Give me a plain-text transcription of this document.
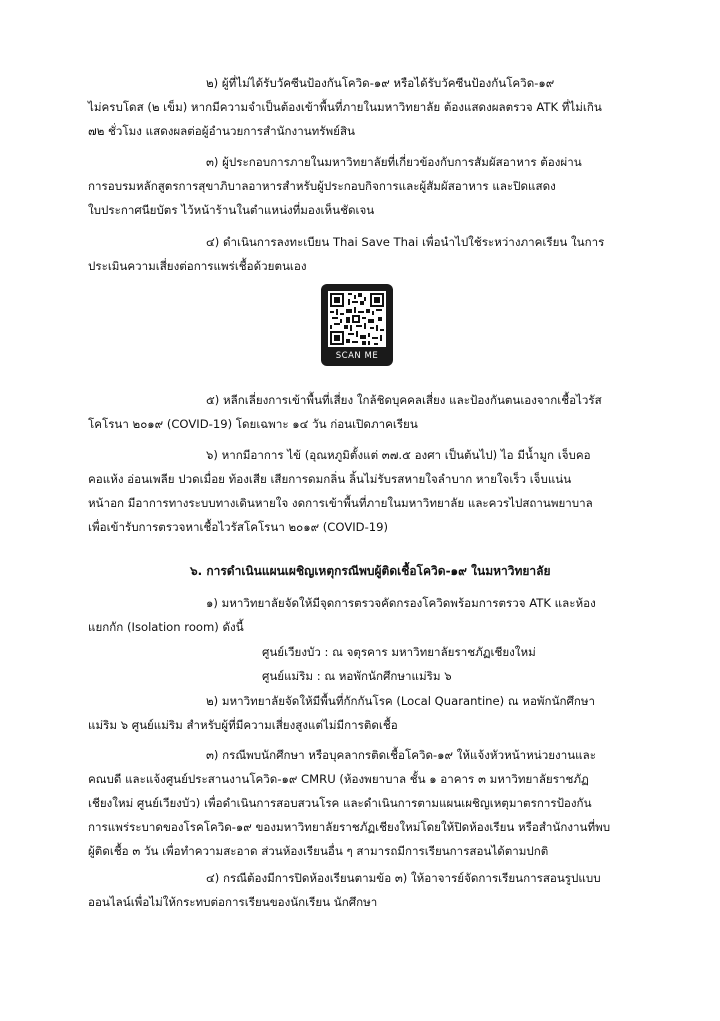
๒) ผู้ที่ไม่ได้รับวัคซีนป้องกันโควิด-๑๙ หรือได้รับวัคซีนป้องกันโควิด-๑๙
ไม่ครบโดส (๒ เข็ม) หากมีความจำเป็นต้องเข้าพื้นที่ภายในมหาวิทยาลัย ต้องแสดงผลตรวจ ATK ที่ไม่เกิน
๗๒ ชั่วโมง แสดงผลต่อผู้อำนวยการสำนักงานทรัพย์สิน
๓) ผู้ประกอบการภายในมหาวิทยาลัยที่เกี่ยวข้องกับการสัมผัสอาหาร ต้องผ่าน
SCAN ME
การอบรมหลักสูตรการสุขาภิบาลอาหารสำหรับผู้ประกอบกิจการและผู้สัมผัสอาหาร และปิดแสดง
ใบประกาศนียบัตร ไว้หน้าร้านในตำแหน่งที่มองเห็นชัดเจน
๔) ดำเนินการลงทะเบียน Thai Save Thai เพื่อนำไปใช้ระหว่างภาคเรียน ในการ
ประเมินความเสี่ยงต่อการแพร่เชื้อด้วยตนเอง
๕) หลีกเลี่ยงการเข้าพื้นที่เสี่ยง ใกล้ชิดบุคคลเสี่ยง และป้องกันตนเองจากเชื้อไวรัส
โคโรนา ๒๐๑๙ (COVID-19) โดยเฉพาะ ๑๔ วัน ก่อนเปิดภาคเรียน
๖) หากมีอาการ ไข้ (อุณหภูมิตั้งแต่ ๓๗.๕ องศา เป็นต้นไป) ไอ มีน้ำมูก เจ็บคอ
คอแห้ง อ่อนเพลีย ปวดเมื่อย ท้องเสีย เสียการดมกลิ่น ลิ้นไม่รับรสหายใจลำบาก หายใจเร็ว เจ็บแน่น
หน้าอก มีอาการทางระบบทางเดินหายใจ งดการเข้าพื้นที่ภายในมหาวิทยาลัย และควรไปสถานพยาบาล
เพื่อเข้ารับการตรวจหาเชื้อไวรัสโคโรนา ๒๐๑๙ (COVID-19)
๖. การดำเนินแผนเผชิญเหตุกรณีพบผู้ติดเชื้อโควิด-๑๙ ในมหาวิทยาลัย
๑) มหาวิทยาลัยจัดให้มีจุดการตรวจคัดกรองโควิดพร้อมการตรวจ ATK และห้อง
แยกกัก (Isolation room) ดังนี้
ศูนย์เวียงบัว : ณ จตุรคาร มหาวิทยาลัยราชภัฏเชียงใหม่
ศูนย์แม่ริม : ณ หอพักนักศึกษาแม่ริม ๖
๒) มหาวิทยาลัยจัดให้มีพื้นที่กักกันโรค (Local Quarantine) ณ หอพักนักศึกษา
แม่ริม ๖ ศูนย์แม่ริม สำหรับผู้ที่มีความเสี่ยงสูงแต่ไม่มีการติดเชื้อ
๓) กรณีพบนักศึกษา หรือบุคลากรติดเชื้อโควิด-๑๙ ให้แจ้งหัวหน้าหน่วยงานและ
คณบดี และแจ้งศูนย์ประสานงานโควิด-๑๙ CMRU (ห้องพยาบาล ชั้น ๑ อาคาร ๓ มหาวิทยาลัยราชภัฏ
เชียงใหม่ ศูนย์เวียงบัว) เพื่อดำเนินการสอบสวนโรค และดำเนินการตามแผนเผชิญเหตุมาตรการป้องกัน
การแพร่ระบาดของโรคโควิด-๑๙ ของมหาวิทยาลัยราชภัฏเชียงใหม่โดยให้ปิดห้องเรียน หรือสำนักงานที่พบ
ผู้ติดเชื้อ ๓ วัน เพื่อทำความสะอาด ส่วนห้องเรียนอื่น ๆ สามารถมีการเรียนการสอนได้ตามปกติ
๔) กรณีต้องมีการปิดห้องเรียนตามข้อ ๓) ให้อาจารย์จัดการเรียนการสอนรูปแบบ
ออนไลน์เพื่อไม่ให้กระทบต่อการเรียนของนักเรียน นักศึกษา
